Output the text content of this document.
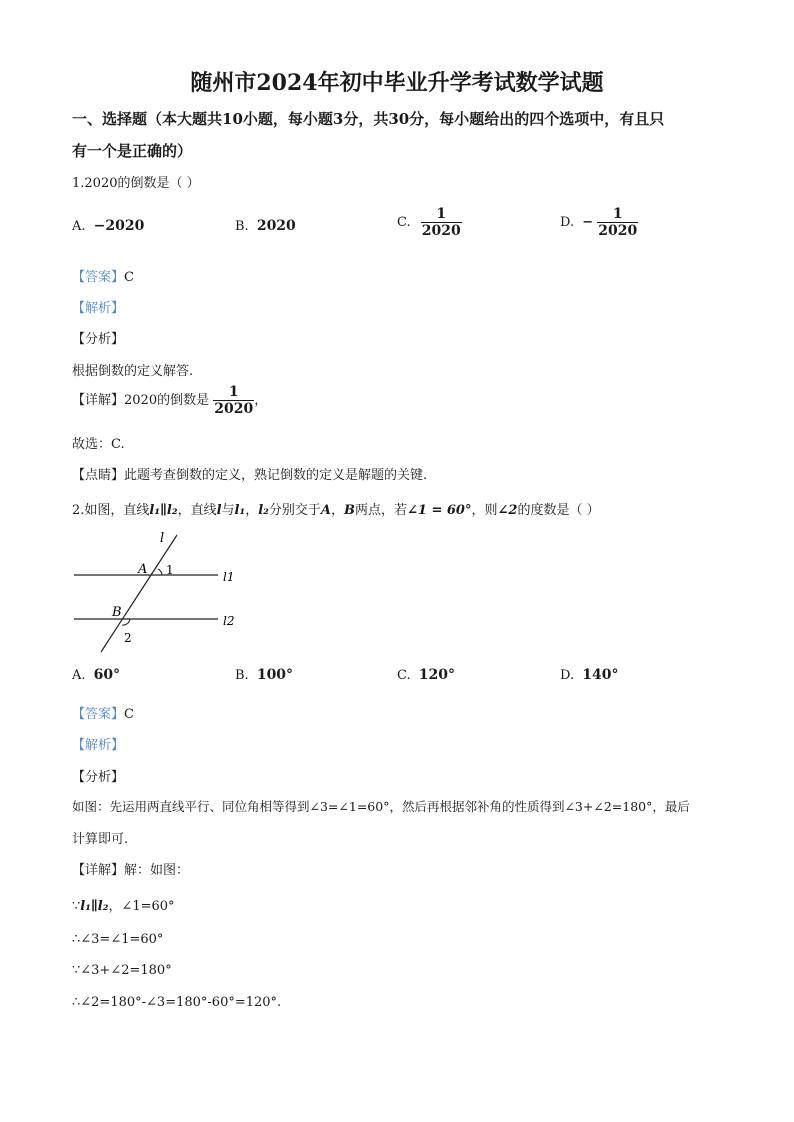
随州市2024年初中毕业升学考试数学试题
一、选择题（本大题共10小题，每小题3分，共30分，每小题给出的四个选项中，有且只
有一个是正确的）
1.2020的倒数是（ ）
A. −2020	B. 2020	C. $\frac{1}{2020}$	D. − $\frac{1}{2020}$
【答案】C
【解析】
【分析】
根据倒数的定义解答.
【详解】2020的倒数是 $\frac{1}{2020}$ ，
故选：C.
【点睛】此题考查倒数的定义，熟记倒数的定义是解题的关键.
2.如图，直线l₁∥l₂，直线l与l₁，l₂分别交于A，B两点，若∠1 = 60°，则∠2的度数是（ ）
l
A 1	l1
B
l2
2
A. 60°	B. 100°	C. 120°	D. 140°
【答案】C
【解析】
【分析】
如图：先运用两直线平行、同位角相等得到∠3=∠1=60°，然后再根据邻补角的性质得到∠3+∠2=180°，最后
计算即可.
【详解】解：如图：
∵l₁∥l₂，∠1=60°
∴∠3=∠1=60°
∵∠3+∠2=180°
∴∠2=180°-∠3=180°-60°=120°.
